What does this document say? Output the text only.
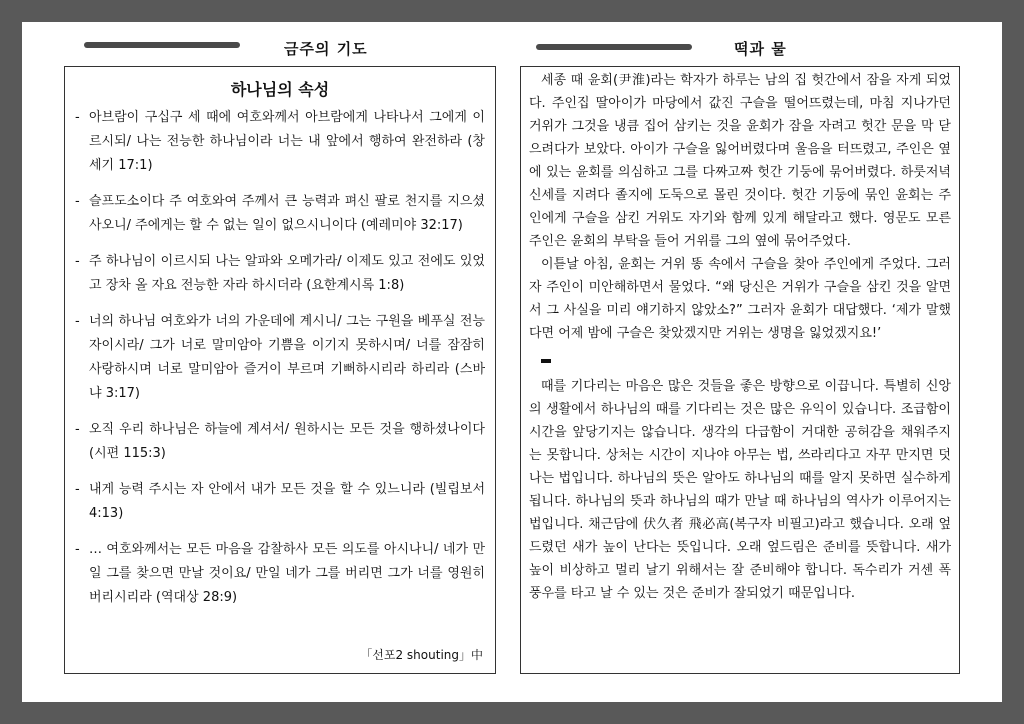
금주의 기도	떡과 물
하나님의 속성
- 아브람이 구십구 세 때에 여호와께서 아브람에게 나타나서 그에게 이르시되/ 나는 전능한 하나님이라 너는 내 앞에서 행하여 완전하라 (창세기 17:1)
- 슬프도소이다 주 여호와여 주께서 큰 능력과 펴신 팔로 천지를 지으셨사오니/ 주에게는 할 수 없는 일이 없으시니이다 (예레미야 32:17)
- 주 하나님이 이르시되 나는 알파와 오메가라/ 이제도 있고 전에도 있었고 장차 올 자요 전능한 자라 하시더라 (요한계시록 1:8)
- 너의 하나님 여호와가 너의 가운데에 계시니/ 그는 구원을 베푸실 전능자이시라/ 그가 너로 말미암아 기쁨을 이기지 못하시며/ 너를 잠잠히 사랑하시며 너로 말미암아 즐거이 부르며 기뻐하시리라 하리라 (스바냐 3:17)
- 오직 우리 하나님은 하늘에 계셔서/ 원하시는 모든 것을 행하셨나이다 (시편 115:3)
- 내게 능력 주시는 자 안에서 내가 모든 것을 할 수 있느니라 (빌립보서 4:13)
- … 여호와께서는 모든 마음을 감찰하사 모든 의도를 아시나니/ 네가 만일 그를 찾으면 만날 것이요/ 만일 네가 그를 버리면 그가 너를 영원히 버리시리라 (역대상 28:9)
「선포2 shouting」中

세종 때 윤회(尹淮)라는 학자가 하루는 남의 집 헛간에서 잠을 자게 되었다. 주인집 딸아이가 마당에서 값진 구슬을 떨어뜨렸는데, 마침 지나가던 거위가 그것을 냉큼 집어 삼키는 것을 윤회가 잠을 자려고 헛간 문을 막 닫으려다가 보았다. 아이가 구슬을 잃어버렸다며 울음을 터뜨렸고, 주인은 옆에 있는 윤회를 의심하고 그를 다짜고짜 헛간 기둥에 묶어버렸다. 하룻저녁 신세를 지려다 졸지에 도둑으로 몰린 것이다. 헛간 기둥에 묶인 윤회는 주인에게 구슬을 삼킨 거위도 자기와 함께 있게 해달라고 했다. 영문도 모른 주인은 윤회의 부탁을 들어 거위를 그의 옆에 묶어주었다.

이튿날 아침, 윤회는 거위 똥 속에서 구슬을 찾아 주인에게 주었다. 그러자 주인이 미안해하면서 물었다. “왜 당신은 거위가 구슬을 삼킨 것을 알면서 그 사실을 미리 얘기하지 않았소?” 그러자 윤회가 대답했다. ‘제가 말했다면 어제 밤에 구슬은 찾았겠지만 거위는 생명을 잃었겠지요!’

때를 기다리는 마음은 많은 것들을 좋은 방향으로 이끕니다. 특별히 신앙의 생활에서 하나님의 때를 기다리는 것은 많은 유익이 있습니다. 조급함이 시간을 앞당기지는 않습니다. 생각의 다급함이 거대한 공허감을 채워주지는 못합니다. 상처는 시간이 지나야 아무는 법, 쓰라리다고 자꾸 만지면 덧나는 법입니다. 하나님의 뜻은 알아도 하나님의 때를 알지 못하면 실수하게 됩니다. 하나님의 뜻과 하나님의 때가 만날 때 하나님의 역사가 이루어지는 법입니다. 채근담에 伏久者 飛必高(복구자 비필고)라고 했습니다. 오래 엎드렸던 새가 높이 난다는 뜻입니다. 오래 엎드림은 준비를 뜻합니다. 새가 높이 비상하고 멀리 날기 위해서는 잘 준비해야 합니다. 독수리가 거센 폭풍우를 타고 날 수 있는 것은 준비가 잘되었기 때문입니다.
